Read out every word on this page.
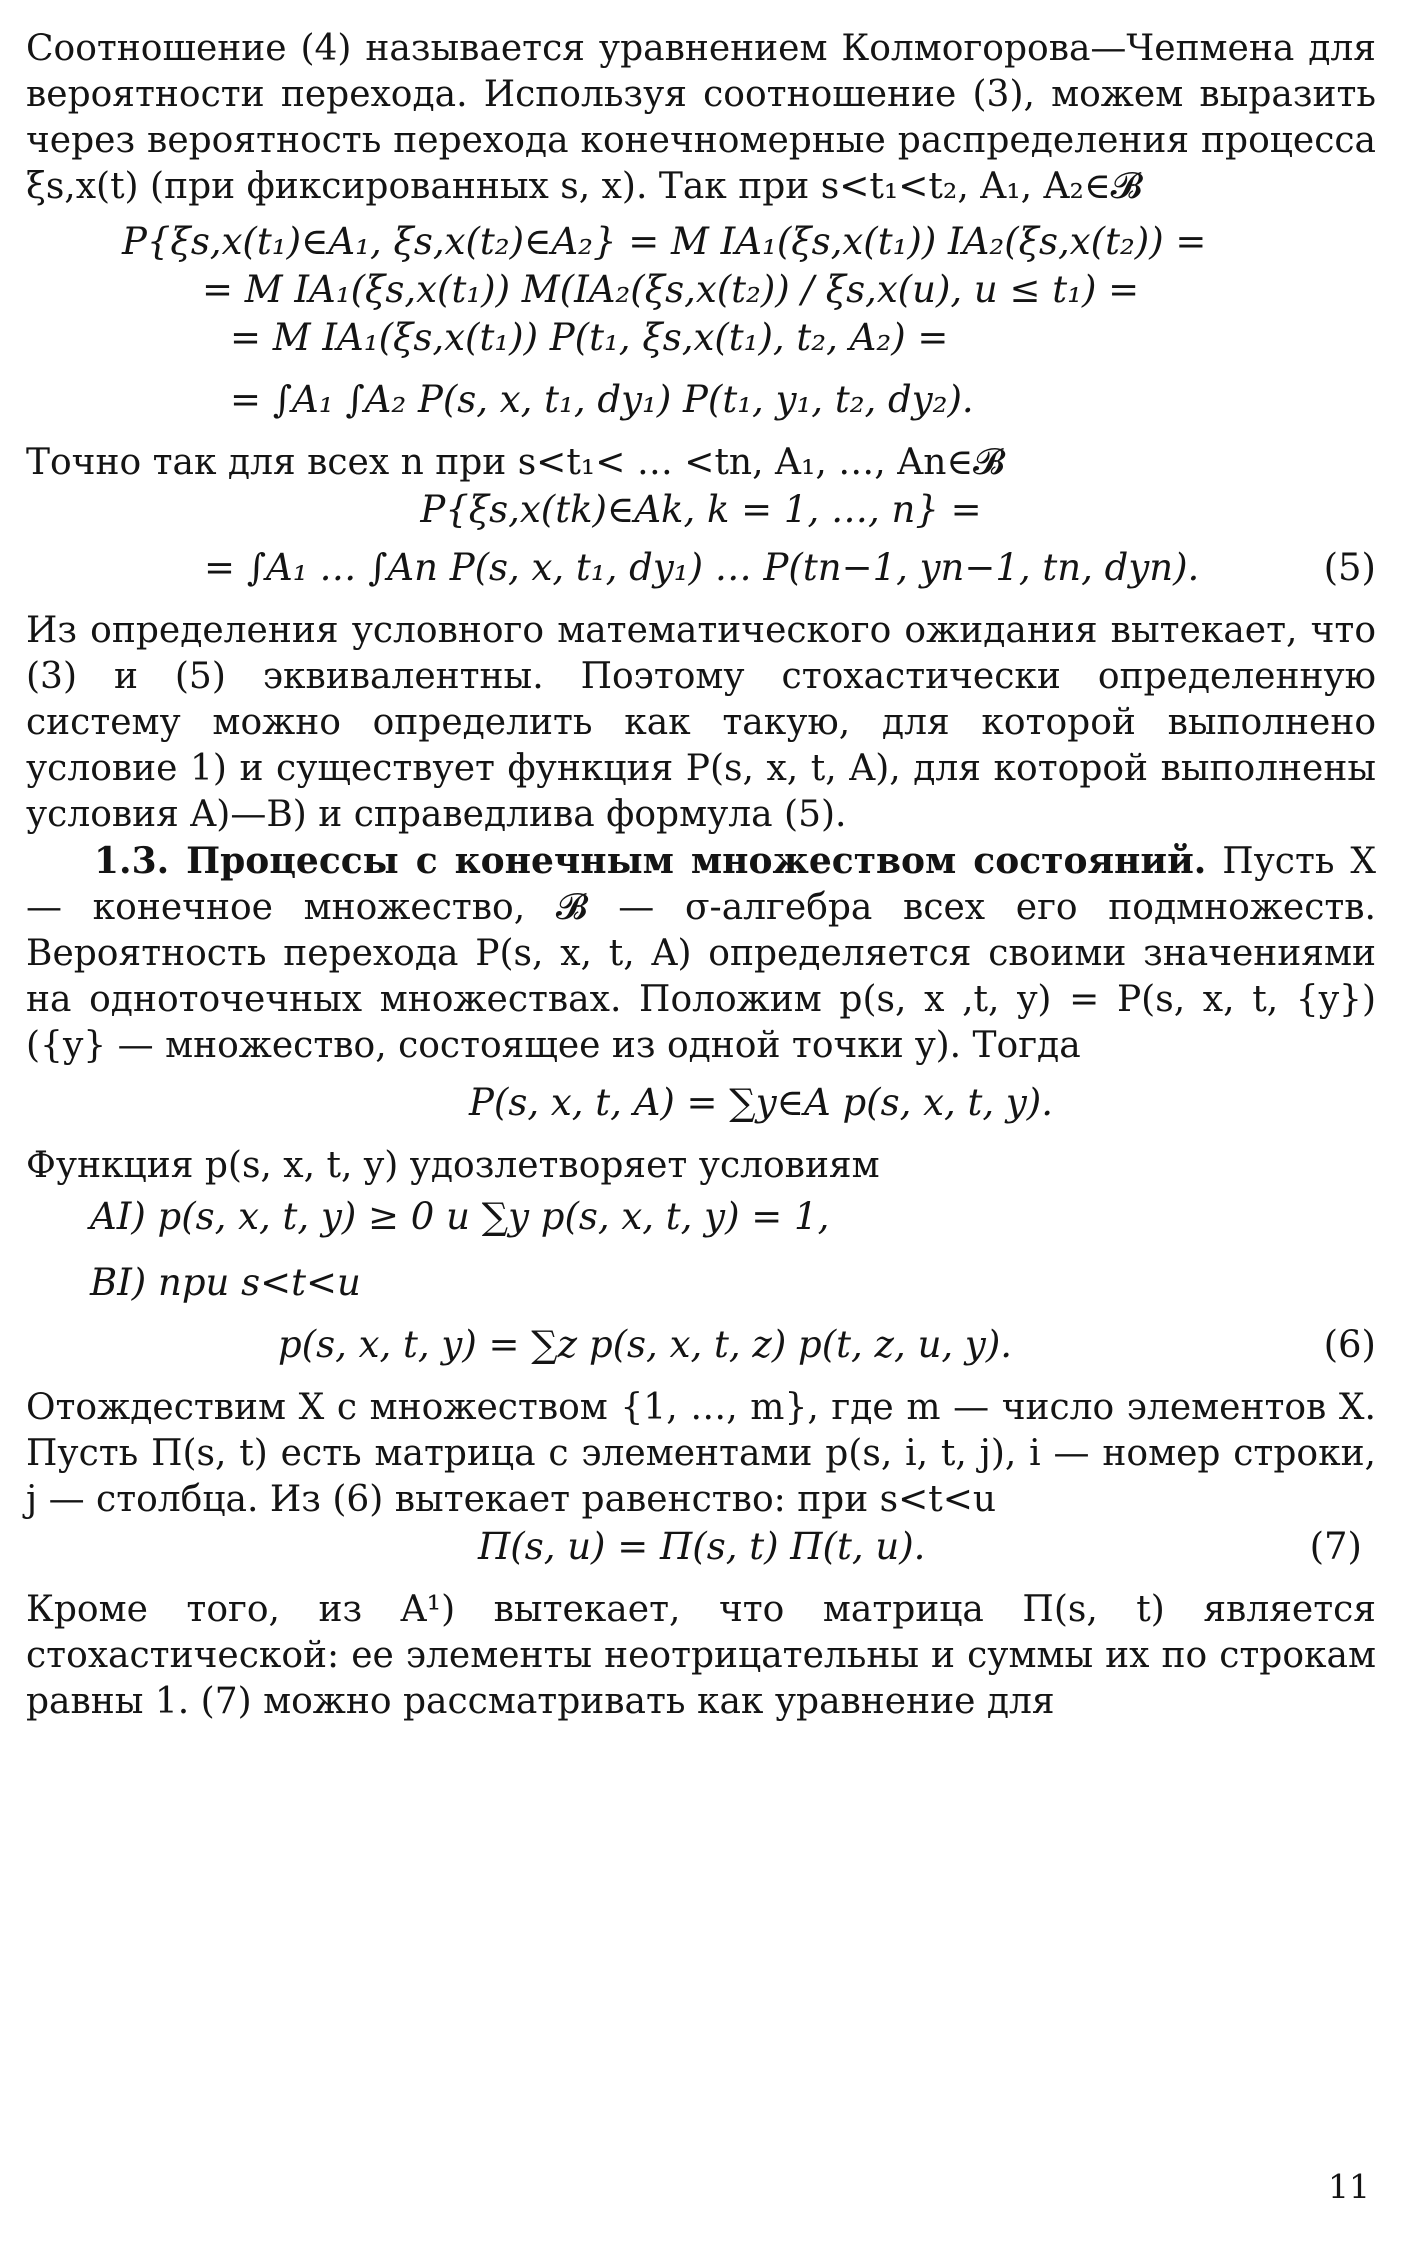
Соотношение (4) называется уравнением Колмогорова—Чепмена для вероятности перехода. Используя соотношение (3), можем выразить через вероятность перехода конечномерные распределения процесса ξs,x(t) (при фиксированных s, x). Так при s<t₁<t₂, A₁, A₂∈𝓑

P{ξs,x(t₁)∈A₁, ξs,x(t₂)∈A₂} = M IA₁(ξs,x(t₁)) IA₂(ξs,x(t₂)) =
= M IA₁(ξs,x(t₁)) M(IA₂(ξs,x(t₂)) / ξs,x(u), u ≤ t₁) =
= M IA₁(ξs,x(t₁)) P(t₁, ξs,x(t₁), t₂, A₂) =
= ∫A₁ ∫A₂ P(s, x, t₁, dy₁) P(t₁, y₁, t₂, dy₂).

Точно так для всех n при s<t₁< … <tn, A₁, …, An∈𝓑

P{ξs,x(tk)∈Ak, k = 1, …, n} =
= ∫A₁ … ∫An P(s, x, t₁, dy₁) … P(tn−1, yn−1, tn, dyn).	(5)

Из определения условного математического ожидания вытекает, что (3) и (5) эквивалентны. Поэтому стохастически определенную систему можно определить как такую, для которой выполнено условие 1) и существует функция P(s, x, t, A), для которой выполнены условия A)—B) и справедлива формула (5).

1.3. Процессы с конечным множеством состояний. Пусть X — конечное множество, 𝓑 — σ-алгебра всех его подмножеств. Вероятность перехода P(s, x, t, A) определяется своими значениями на одноточечных множествах. Положим p(s, x ,t, y) = P(s, x, t, {y}) ({y} — множество, состоящее из одной точки y). Тогда

P(s, x, t, A) = ∑y∈A p(s, x, t, y).

Функция p(s, x, t, y) удозлетворяет условиям

AI) p(s, x, t, y) ≥ 0 и ∑y p(s, x, t, y) = 1,
BI) при s<t<u
p(s, x, t, y) = ∑z p(s, x, t, z) p(t, z, u, y).	(6)

Отождествим X с множеством {1, …, m}, где m — число элементов X. Пусть Π(s, t) есть матрица с элементами p(s, i, t, j), i — номер строки, j — столбца. Из (6) вытекает равенство: при s<t<u

Π(s, u) = Π(s, t) Π(t, u).	(7)

Кроме того, из A¹) вытекает, что матрица Π(s, t) является стохастической: ее элементы неотрицательны и суммы их по строкам равны 1. (7) можно рассматривать как уравнение для

11
